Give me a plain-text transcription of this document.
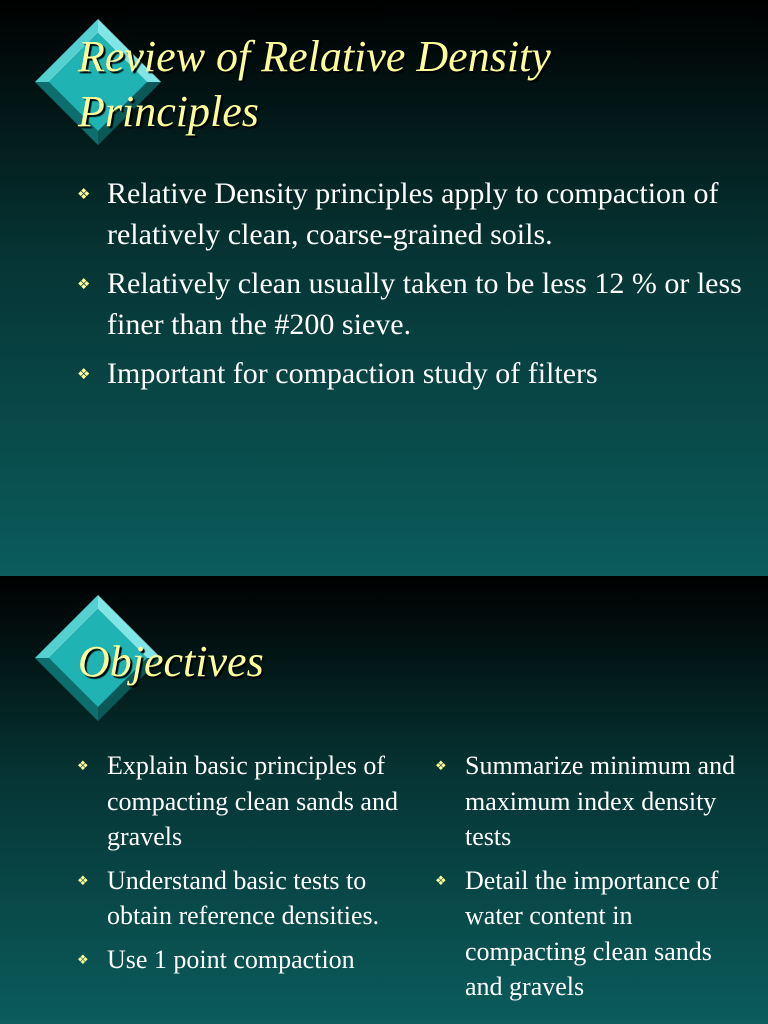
Review of Relative Density Principles
❖ Relative Density principles apply to compaction of relatively clean, coarse-grained soils.
❖ Relatively clean usually taken to be less 12 % or less finer than the #200 sieve.
❖ Important for compaction study of filters
Objectives
❖ Explain basic principles of compacting clean sands and gravels
❖ Understand basic tests to obtain reference densities.
❖ Use 1 point compaction
❖ Summarize minimum and maximum index density tests
❖ Detail the importance of water content in compacting clean sands and gravels
